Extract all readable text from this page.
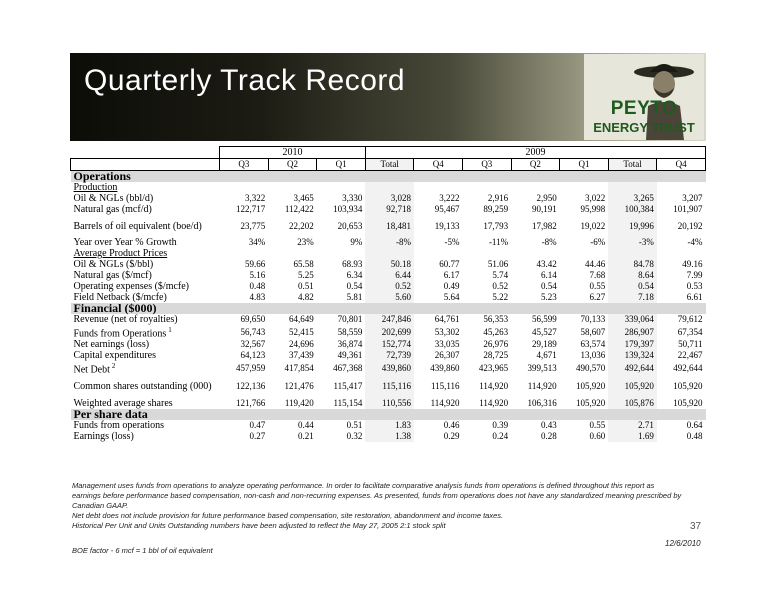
Quarterly Track Record
PEYTO
ENERGY TRUST
	2010			2009						
	Q3	Q2	Q1	Total	Q4	Q3	Q2	Q1	Total	Q4
Operations										
Production										
Oil & NGLs (bbl/d)	3,322	3,465	3,330	3,028	3,222	2,916	2,950	3,022	3,265	3,207
Natural gas (mcf/d)	122,717	112,422	103,934	92,718	95,467	89,259	90,191	95,998	100,384	101,907
Barrels of oil equivalent (boe/d)	23,775	22,202	20,653	18,481	19,133	17,793	17,982	19,022	19,996	20,192
Year over Year % Growth	34%	23%	9%	-8%	-5%	-11%	-8%	-6%	-3%	-4%
Average Product Prices										
Oil & NGLs ($/bbl)	59.66	65.58	68.93	50.18	60.77	51.06	43.42	44.46	84.78	49.16
Natural gas ($/mcf)	5.16	5.25	6.34	6.44	6.17	5.74	6.14	7.68	8.64	7.99
Operating expenses ($/mcfe)	0.48	0.51	0.54	0.52	0.49	0.52	0.54	0.55	0.54	0.53
Field Netback ($/mcfe)	4.83	4.82	5.81	5.60	5.64	5.22	5.23	6.27	7.18	6.61
Financial ($000)										
Revenue (net of royalties)	69,650	64,649	70,801	247,846	64,761	56,353	56,599	70,133	339,064	79,612
Funds from Operations $^1$	56,743	52,415	58,559	202,699	53,302	45,263	45,527	58,607	286,907	67,354
Net earnings (loss)	32,567	24,696	36,874	152,774	33,035	26,976	29,189	63,574	179,397	50,711
Capital expenditures	64,123	37,439	49,361	72,739	26,307	28,725	4,671	13,036	139,324	22,467
Net Debt $^2$	457,959	417,854	467,368	439,860	439,860	423,965	399,513	490,570	492,644	492,644
Common shares outstanding (000)	122,136	121,476	115,417	115,116	115,116	114,920	114,920	105,920	105,920	105,920
Weighted average shares	121,766	119,420	115,154	110,556	114,920	114,920	106,316	105,920	105,876	105,920
Per share data										
Funds from operations	0.47	0.44	0.51	1.83	0.46	0.39	0.43	0.55	2.71	0.64
Earnings (loss)	0.27	0.21	0.32	1.38	0.29	0.24	0.28	0.60	1.69	0.48

Management uses funds from operations to analyze operating performance. In order to facilitate comparative analysis funds from operations is defined throughout this report as earnings before performance based compensation, non-cash and non-recurring expenses. As presented, funds from operations does not have any standardized meaning prescribed by Canadian GAAP.

Net debt does not include provision for future performance based compensation, site restoration, abandonment and income taxes.

Historical Per Unit and Units Outstanding numbers have been adjusted to reflect the May 27, 2005 2:1 stock split	37
12/6/2010
BOE factor - 6 mcf = 1 bbl of oil equivalent
